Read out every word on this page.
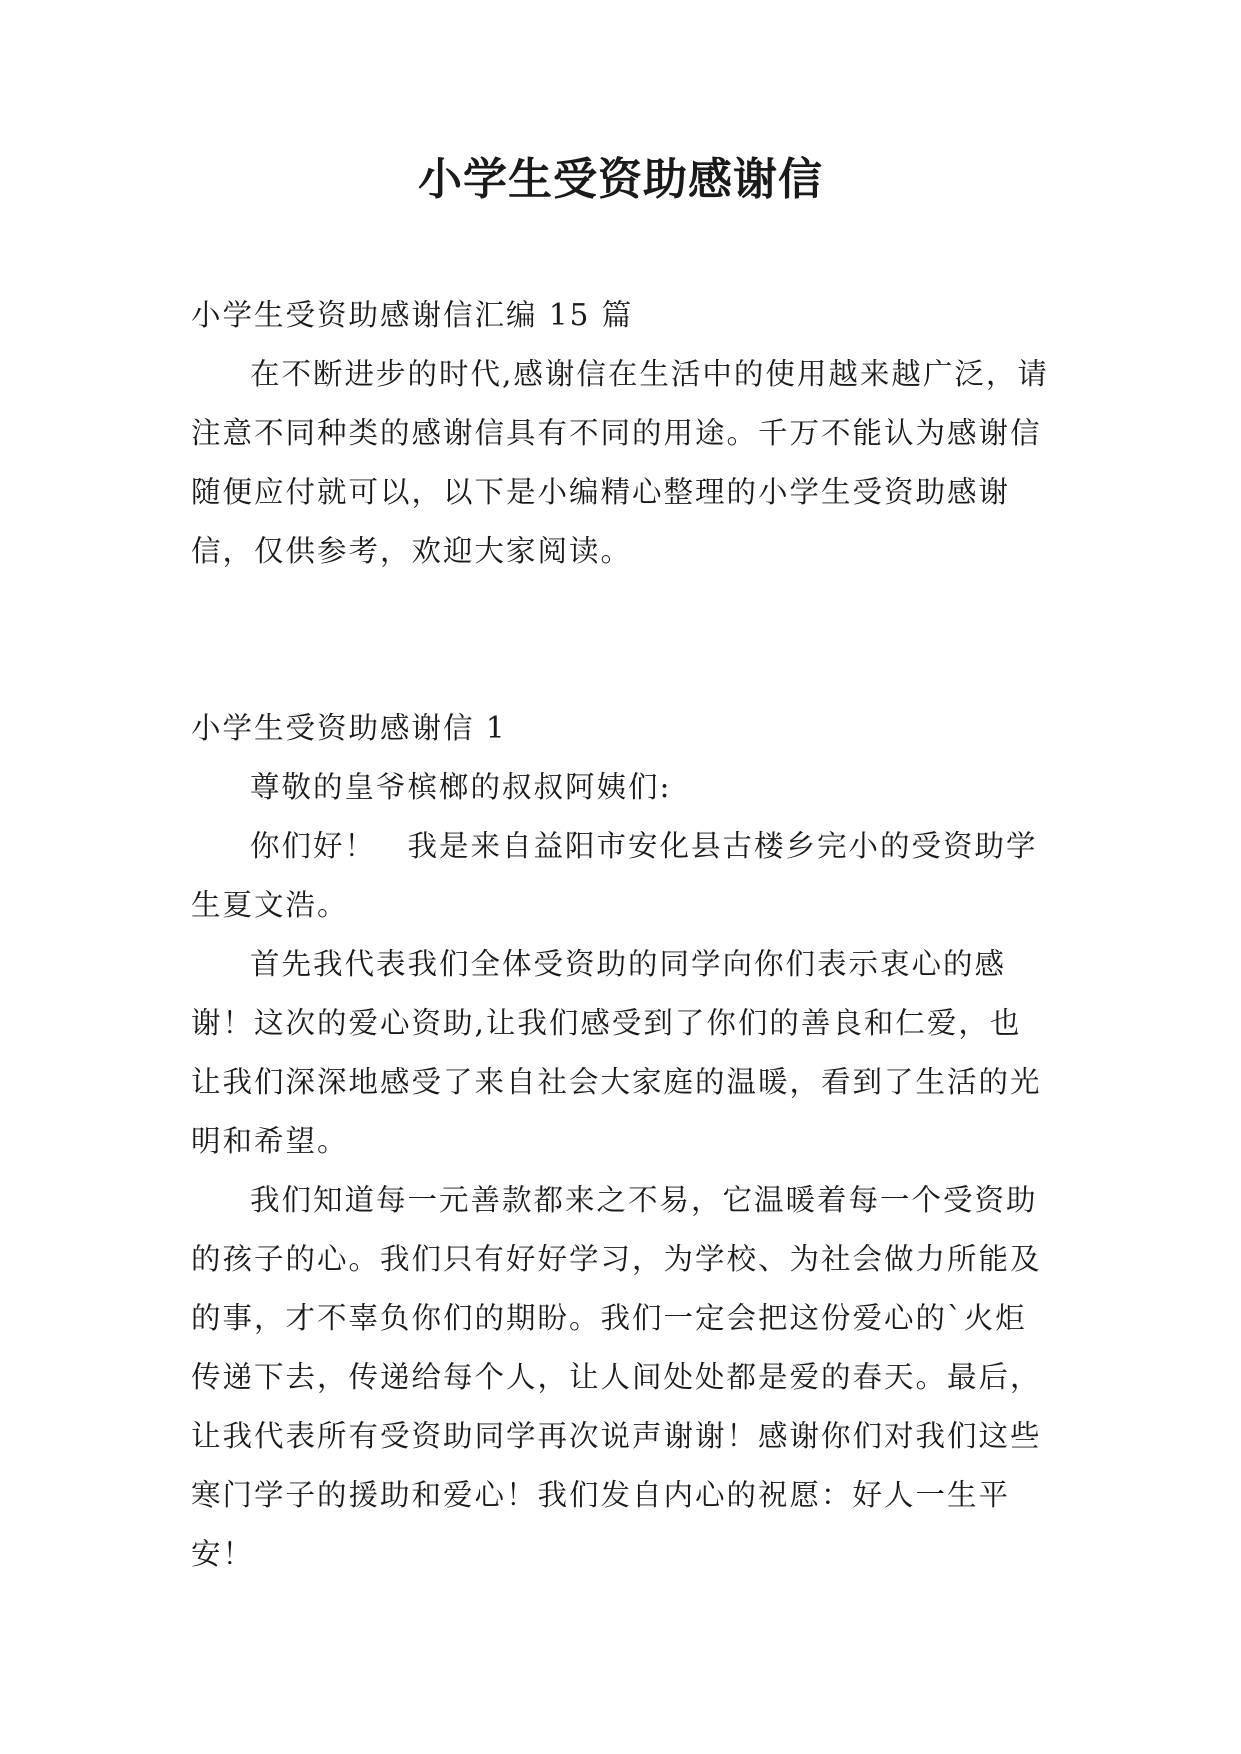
小学生受资助感谢信

小学生受资助感谢信汇编 15 篇

在不断进步的时代,感谢信在生活中的使用越来越广泛，请注意不同种类的感谢信具有不同的用途。千万不能认为感谢信随便应付就可以，以下是小编精心整理的小学生受资助感谢信，仅供参考，欢迎大家阅读。

小学生受资助感谢信 1

尊敬的皇爷槟榔的叔叔阿姨们:

你们好！　我是来自益阳市安化县古楼乡完小的受资助学生夏文浩。

首先我代表我们全体受资助的同学向你们表示衷心的感谢！这次的爱心资助,让我们感受到了你们的善良和仁爱，也让我们深深地感受了来自社会大家庭的温暖，看到了生活的光明和希望。

我们知道每一元善款都来之不易，它温暖着每一个受资助的孩子的心。我们只有好好学习，为学校、为社会做力所能及的事，才不辜负你们的期盼。我们一定会把这份爱心的`火炬传递下去，传递给每个人，让人间处处都是爱的春天。最后，让我代表所有受资助同学再次说声谢谢！感谢你们对我们这些寒门学子的援助和爱心！我们发自内心的祝愿：好人一生平安！
